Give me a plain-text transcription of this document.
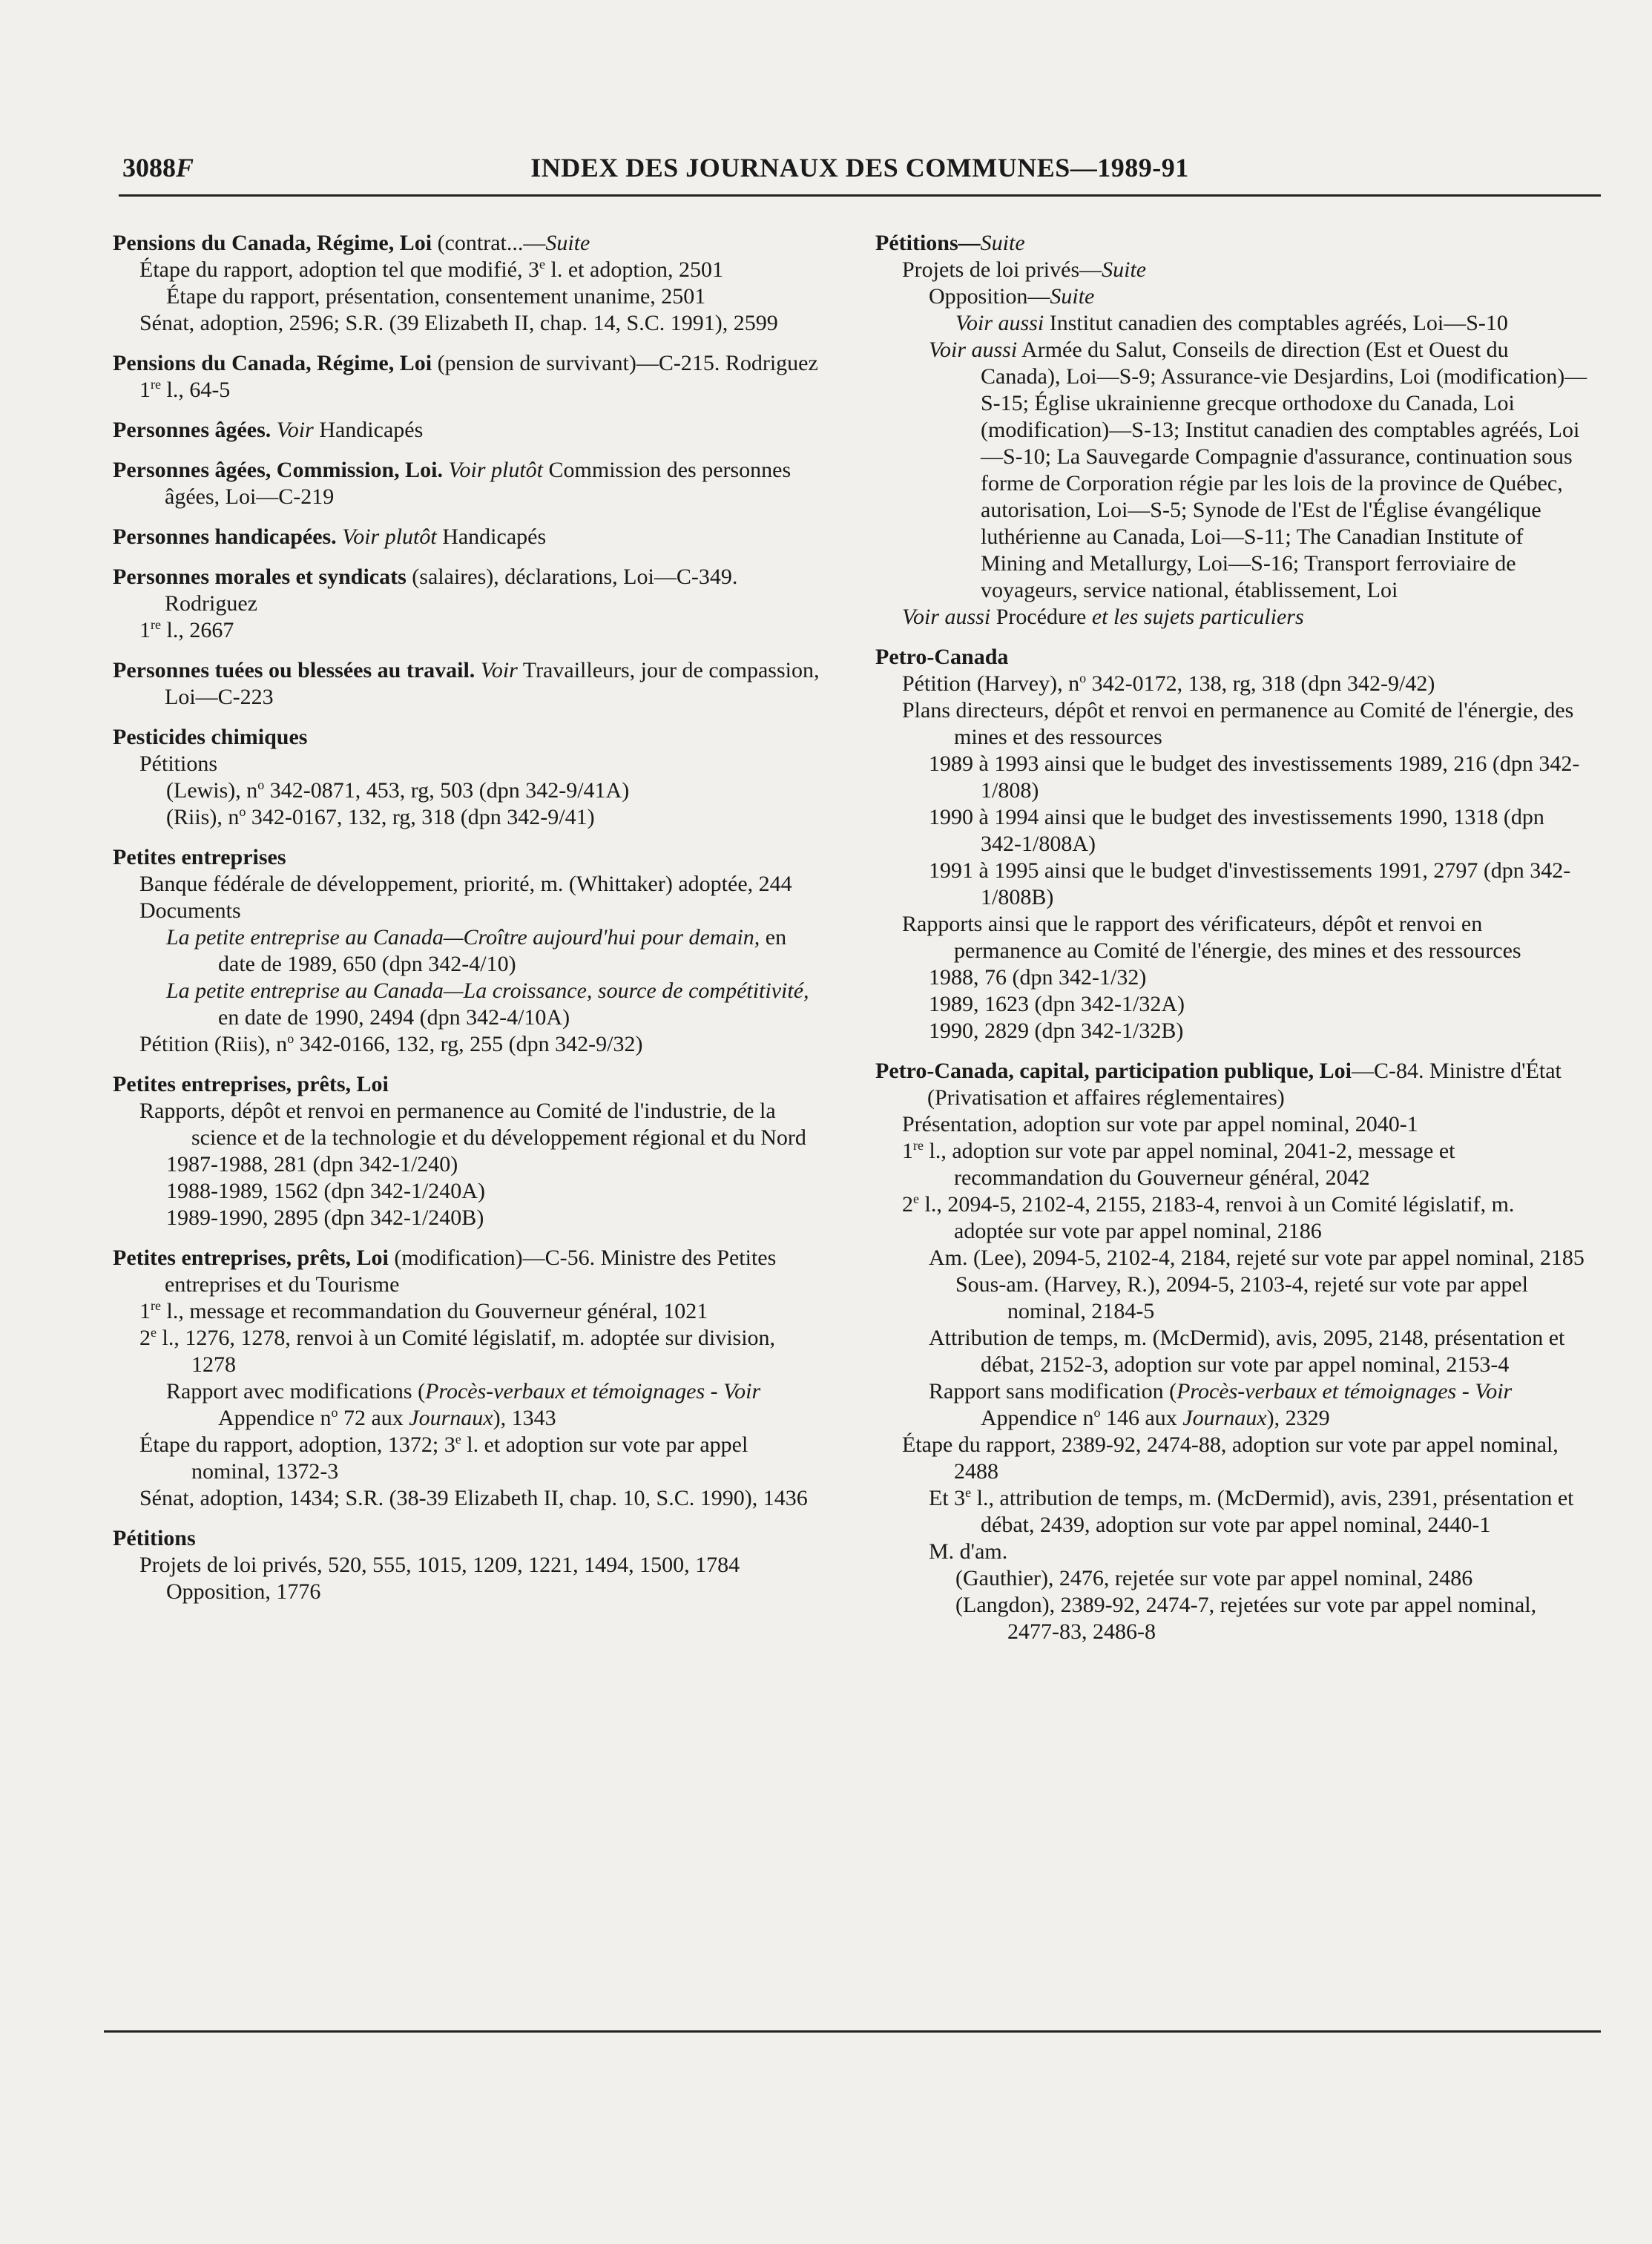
3088F	INDEX DES JOURNAUX DES COMMUNES—1989-91
Pensions du Canada, Régime, Loi (contrat...—Suite
Étape du rapport, adoption tel que modifié, 3e l. et adoption, 2501
Étape du rapport, présentation, consentement unanime, 2501
Sénat, adoption, 2596; S.R. (39 Elizabeth II, chap. 14, S.C. 1991), 2599
Pensions du Canada, Régime, Loi (pension de survivant)—C-215. Rodriguez
1re l., 64-5
Personnes âgées. Voir Handicapés
Personnes âgées, Commission, Loi. Voir plutôt Commission des personnes âgées, Loi—C-219
Personnes handicapées. Voir plutôt Handicapés
Personnes morales et syndicats (salaires), déclarations, Loi—C-349. Rodriguez
1re l., 2667
Personnes tuées ou blessées au travail. Voir Travailleurs, jour de compassion, Loi—C-223
Pesticides chimiques
Pétitions
(Lewis), $n^o$ 342-0871, 453, rg, 503 (dpn 342-9/41A)
(Riis), $n^o$ 342-0167, 132, rg, 318 (dpn 342-9/41)
Petites entreprises
Banque fédérale de développement, priorité, m. (Whittaker) adoptée, 244
Documents
La petite entreprise au Canada—Croître aujourd'hui pour demain, en date de 1989, 650 (dpn 342-4/10)
La petite entreprise au Canada—La croissance, source de compétitivité, en date de 1990, 2494 (dpn 342-4/10A)
Pétition (Riis), $n^o$ 342-0166, 132, rg, 255 (dpn 342-9/32)
Petites entreprises, prêts, Loi
Rapports, dépôt et renvoi en permanence au Comité de l'industrie, de la science et de la technologie et du développement régional et du Nord
1987-1988, 281 (dpn 342-1/240)
1988-1989, 1562 (dpn 342-1/240A)
1989-1990, 2895 (dpn 342-1/240B)
Petites entreprises, prêts, Loi (modification)—C-56. Ministre des Petites entreprises et du Tourisme
1re l., message et recommandation du Gouverneur général, 1021
2e l., 1276, 1278, renvoi à un Comité législatif, m. adoptée sur division, 1278
Rapport avec modifications (Procès-verbaux et témoignages - Voir Appendice $n^o$ 72 aux Journaux), 1343
Étape du rapport, adoption, 1372; 3e l. et adoption sur vote par appel nominal, 1372-3
Sénat, adoption, 1434; S.R. (38-39 Elizabeth II, chap. 10, S.C. 1990), 1436
Pétitions
Projets de loi privés, 520, 555, 1015, 1209, 1221, 1494, 1500, 1784
Opposition, 1776
Pétitions—Suite
Projets de loi privés—Suite
Opposition—Suite
Voir aussi Institut canadien des comptables agréés, Loi—S-10
Voir aussi Armée du Salut, Conseils de direction (Est et Ouest du Canada), Loi—S-9; Assurance-vie Desjardins, Loi (modification)—S-15; Église ukrainienne grecque orthodoxe du Canada, Loi (modification)—S-13; Institut canadien des comptables agréés, Loi—S-10; La Sauvegarde Compagnie d'assurance, continuation sous forme de Corporation régie par les lois de la province de Québec, autorisation, Loi—S-5; Synode de l'Est de l'Église évangélique luthérienne au Canada, Loi—S-11; The Canadian Institute of Mining and Metallurgy, Loi—S-16; Transport ferroviaire de voyageurs, service national, établissement, Loi
Voir aussi Procédure et les sujets particuliers
Petro-Canada
Pétition (Harvey), $n^o$ 342-0172, 138, rg, 318 (dpn 342-9/42)
Plans directeurs, dépôt et renvoi en permanence au Comité de l'énergie, des mines et des ressources
1989 à 1993 ainsi que le budget des investissements 1989, 216 (dpn 342-1/808)
1990 à 1994 ainsi que le budget des investissements 1990, 1318 (dpn 342-1/808A)
1991 à 1995 ainsi que le budget d'investissements 1991, 2797 (dpn 342-1/808B)
Rapports ainsi que le rapport des vérificateurs, dépôt et renvoi en permanence au Comité de l'énergie, des mines et des ressources
1988, 76 (dpn 342-1/32)
1989, 1623 (dpn 342-1/32A)
1990, 2829 (dpn 342-1/32B)
Petro-Canada, capital, participation publique, Loi—C-84. Ministre d'État (Privatisation et affaires réglementaires)
Présentation, adoption sur vote par appel nominal, 2040-1
1re l., adoption sur vote par appel nominal, 2041-2, message et recommandation du Gouverneur général, 2042
2e l., 2094-5, 2102-4, 2155, 2183-4, renvoi à un Comité législatif, m. adoptée sur vote par appel nominal, 2186
Am. (Lee), 2094-5, 2102-4, 2184, rejeté sur vote par appel nominal, 2185
Sous-am. (Harvey, R.), 2094-5, 2103-4, rejeté sur vote par appel nominal, 2184-5
Attribution de temps, m. (McDermid), avis, 2095, 2148, présentation et débat, 2152-3, adoption sur vote par appel nominal, 2153-4
Rapport sans modification (Procès-verbaux et témoignages - Voir Appendice $n^o$ 146 aux Journaux), 2329
Étape du rapport, 2389-92, 2474-88, adoption sur vote par appel nominal, 2488
Et 3e l., attribution de temps, m. (McDermid), avis, 2391, présentation et débat, 2439, adoption sur vote par appel nominal, 2440-1
M. d'am.
(Gauthier), 2476, rejetée sur vote par appel nominal, 2486
(Langdon), 2389-92, 2474-7, rejetées sur vote par appel nominal, 2477-83, 2486-8
